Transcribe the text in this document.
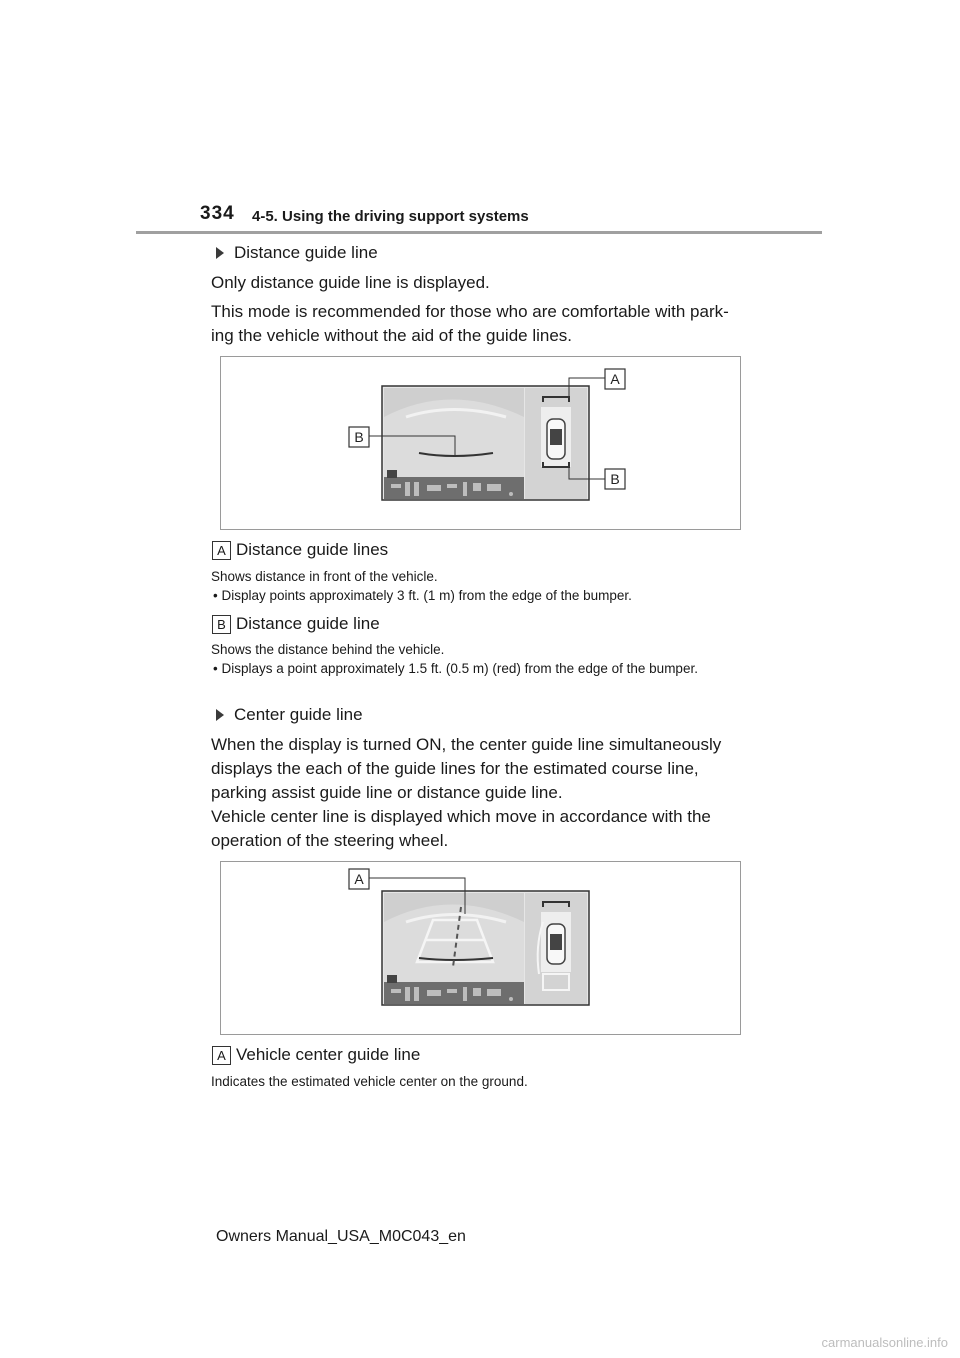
334 4-5. Using the driving support systems
Distance guide line
Only distance guide line is displayed.
This mode is recommended for those who are comfortable with park-ing the vehicle without the aid of the guide lines.
A
B
B
A Distance guide lines
Shows distance in front of the vehicle.
• Display points approximately 3 ft. (1 m) from the edge of the bumper.
B Distance guide line
Shows the distance behind the vehicle.
• Displays a point approximately 1.5 ft. (0.5 m) (red) from the edge of the bumper.
Center guide line
When the display is turned ON, the center guide line simultaneously displays the each of the guide lines for the estimated course line, parking assist guide line or distance guide line.
Vehicle center line is displayed which move in accordance with the operation of the steering wheel.
A
A Vehicle center guide line
Indicates the estimated vehicle center on the ground.
Owners Manual_USA_M0C043_en
carmanualsonline.info
